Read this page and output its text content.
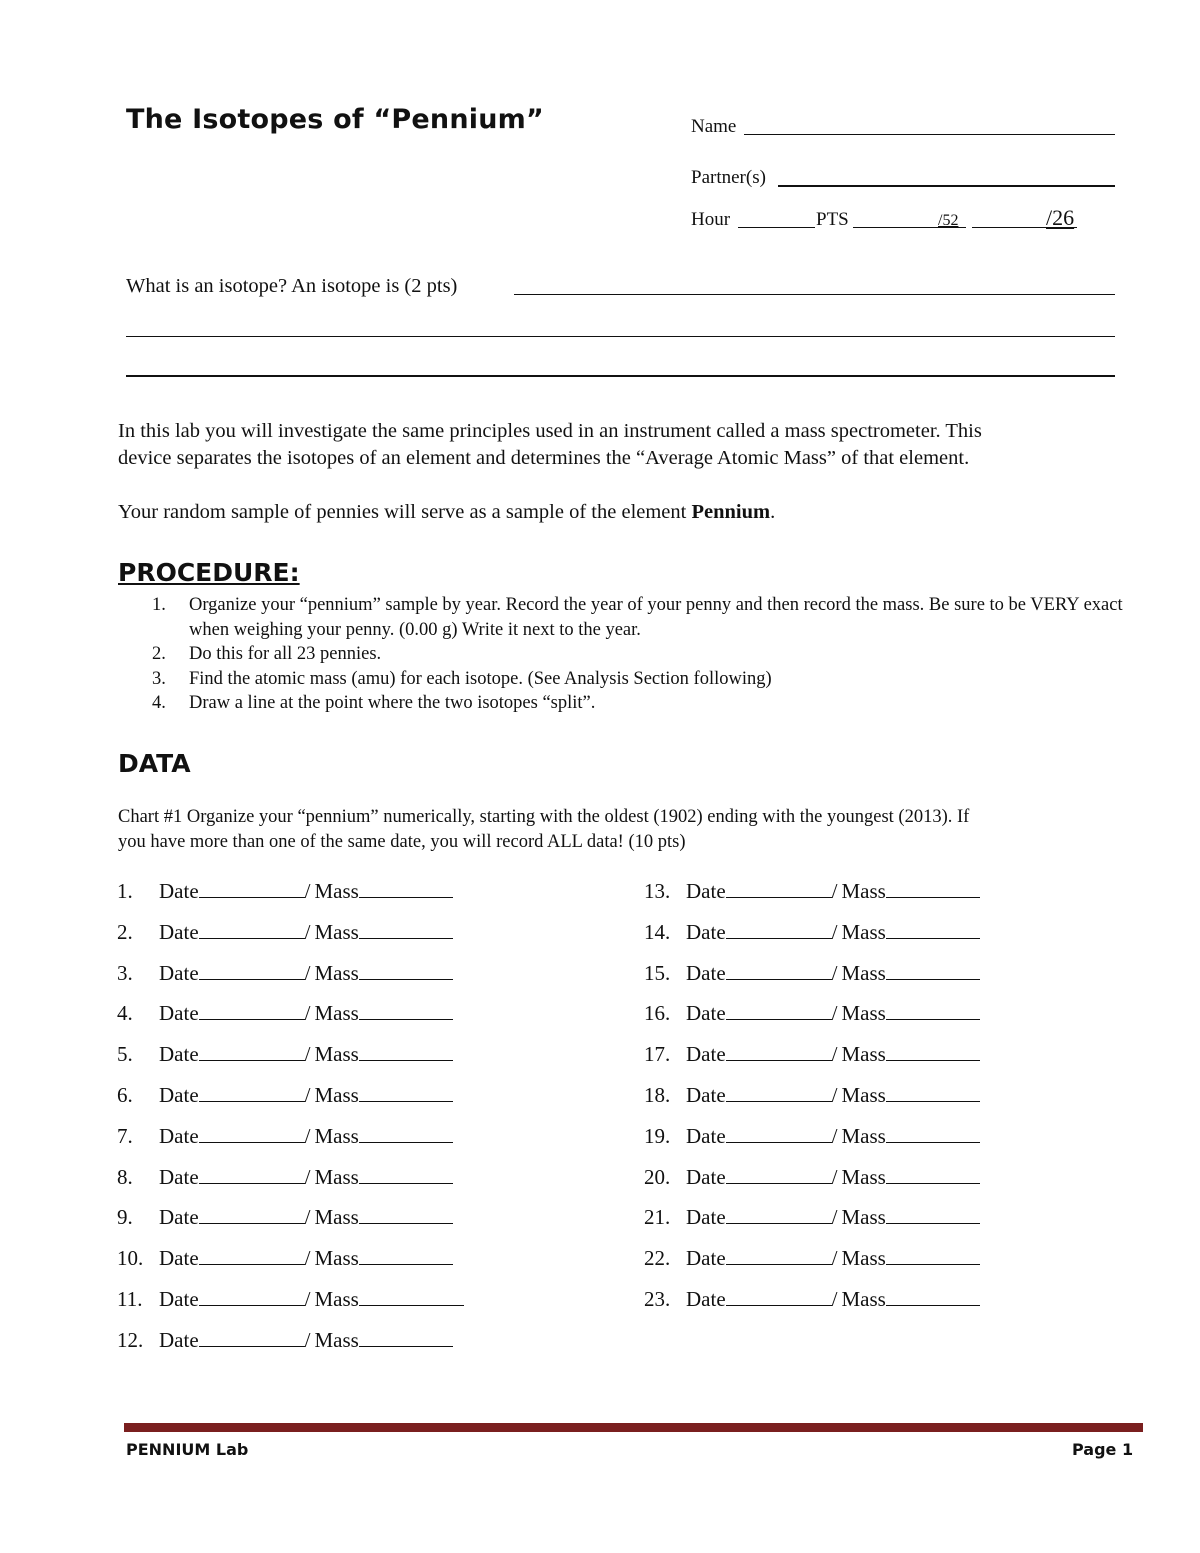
The Isotopes of “Pennium”	Name
Partner(s)
Hour	PTS	/52	/26
What is an isotope? An isotope is (2 pts)
In this lab you will investigate the same principles used in an instrument called a mass spectrometer. This
device separates the isotopes of an element and determines the “Average Atomic Mass” of that element.
Your random sample of pennies will serve as a sample of the element Pennium.
PROCEDURE:
1.	Organize your “pennium” sample by year. Record the year of your penny and then record the mass. Be sure to be VERY exact when weighing your penny. (0.00 g) Write it next to the year.
2.	Do this for all 23 pennies.
3.	Find the atomic mass (amu) for each isotope. (See Analysis Section following)
4.	Draw a line at the point where the two isotopes “split”.
DATA
Chart #1 Organize your “pennium” numerically, starting with the oldest (1902) ending with the youngest (2013). If
you have more than one of the same date, you will record ALL data! (10 pts)
1.	Date	/ Mass
2.	Date	/ Mass
3.	Date	/ Mass
4.	Date	/ Mass
5.	Date	/ Mass
6.	Date	/ Mass
7.	Date	/ Mass
8.	Date	/ Mass
9.	Date	/ Mass
10. Date	/ Mass
11. Date	/ Mass
12. Date	/ Mass
13. Date	/ Mass
14. Date	/ Mass
15. Date	/ Mass
16. Date	/ Mass
17. Date	/ Mass
18. Date	/ Mass
19. Date	/ Mass
20. Date	/ Mass
21. Date	/ Mass
22. Date	/ Mass
23. Date	/ Mass
PENNIUM Lab	Page 1
